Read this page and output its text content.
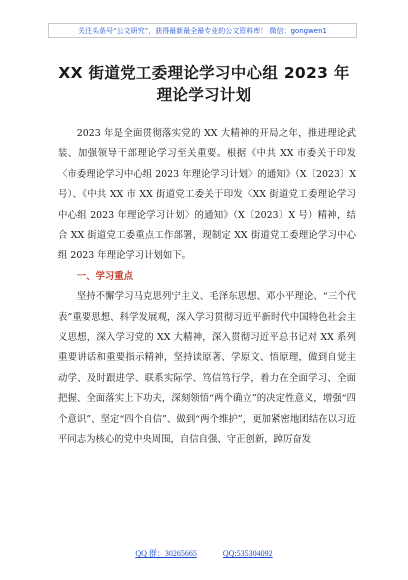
关注头条号“公文研究”，获得最新最全最专业的公文资料库！ 微信：gongwen1
XX 街道党工委理论学习中心组 2023 年
理论学习计划

2023 年是全面贯彻落实党的 XX 大精神的开局之年，推进理论武装、加强领导干部理论学习至关重要。根据《中共 XX 市委关于印发〈市委理论学习中心组 2023 年理论学习计划〉的通知》（X〔2023〕X 号）、《中共 XX 市 XX 街道党工委关于印发〈XX 街道党工委理论学习中心组 2023 年理论学习计划〉的通知》（X〔2023〕X 号）精神，结合 XX 街道党工委重点工作部署，现制定 XX 街道党工委理论学习中心组 2023 年理论学习计划如下。

一、学习重点

坚持不懈学习马克思列宁主义、毛泽东思想、邓小平理论、“三个代表”重要思想、科学发展观，深入学习贯彻习近平新时代中国特色社会主义思想，深入学习党的 XX 大精神，深入贯彻习近平总书记对 XX 系列重要讲话和重要指示精神，坚持读原著、学原文、悟原理，做到自觉主动学、及时跟进学、联系实际学、笃信笃行学，着力在全面学习、全面把握、全面落实上下功夫，深刻领悟“两个确立”的决定性意义，增强“四个意识”、坚定“四个自信”、做到“两个维护”，更加紧密地团结在以习近平同志为核心的党中央周围，自信自强、守正创新，踔厉奋发

QQ 群：30265665	QQ:535304092
